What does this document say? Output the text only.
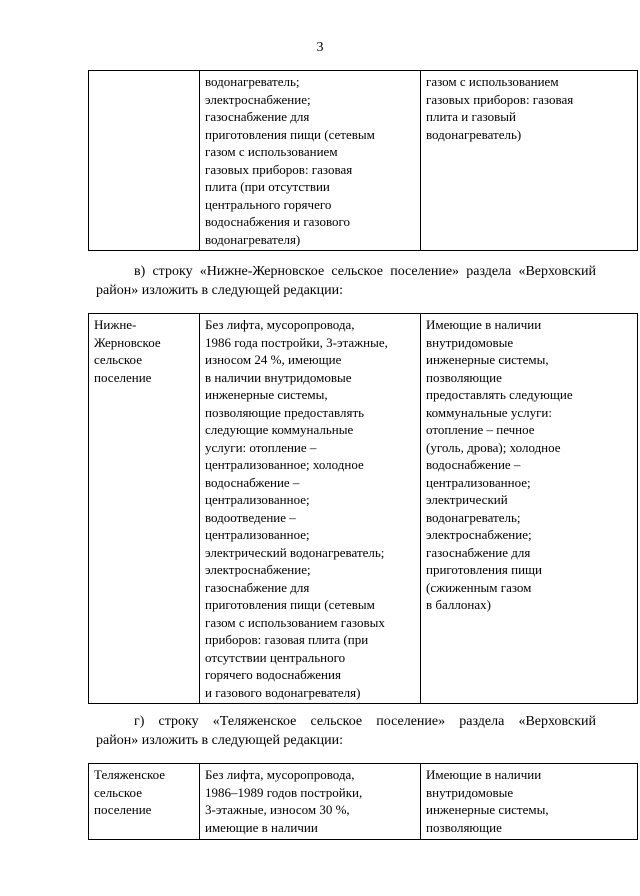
3
	водонагреватель;
электроснабжение;
газоснабжение для
приготовления пищи (сетевым
газом с использованием
газовых приборов: газовая
плита (при отсутствии
центрального горячего
водоснабжения и газового
водонагревателя)	газом с использованием
газовых приборов: газовая
плита и газовый
водонагреватель)
в) строку «Нижне-Жерновское сельское поселение» раздела «Верховский
район» изложить в следующей редакции:
Нижне-
Жерновское
сельское
поселение	Без лифта, мусоропровода,
1986 года постройки, 3-этажные,
износом 24 %, имеющие
в наличии внутридомовые
инженерные системы,
позволяющие предоставлять
следующие коммунальные
услуги: отопление –
централизованное; холодное
водоснабжение –
централизованное;
водоотведение –
централизованное;
электрический водонагреватель;
электроснабжение;
газоснабжение для
приготовления пищи (сетевым
газом с использованием газовых
приборов: газовая плита (при
отсутствии центрального
горячего водоснабжения
и газового водонагревателя)	Имеющие в наличии
внутридомовые
инженерные системы,
позволяющие
предоставлять следующие
коммунальные услуги:
отопление – печное
(уголь, дрова); холодное
водоснабжение –
централизованное;
электрический
водонагреватель;
электроснабжение;
газоснабжение для
приготовления пищи
(сжиженным газом
в баллонах)
г) строку «Теляженское сельское поселение» раздела «Верховский
район» изложить в следующей редакции:
Теляженское
сельское
поселение	Без лифта, мусоропровода,
1986–1989 годов постройки,
3-этажные, износом 30 %,
имеющие в наличии	Имеющие в наличии
внутридомовые
инженерные системы,
позволяющие
